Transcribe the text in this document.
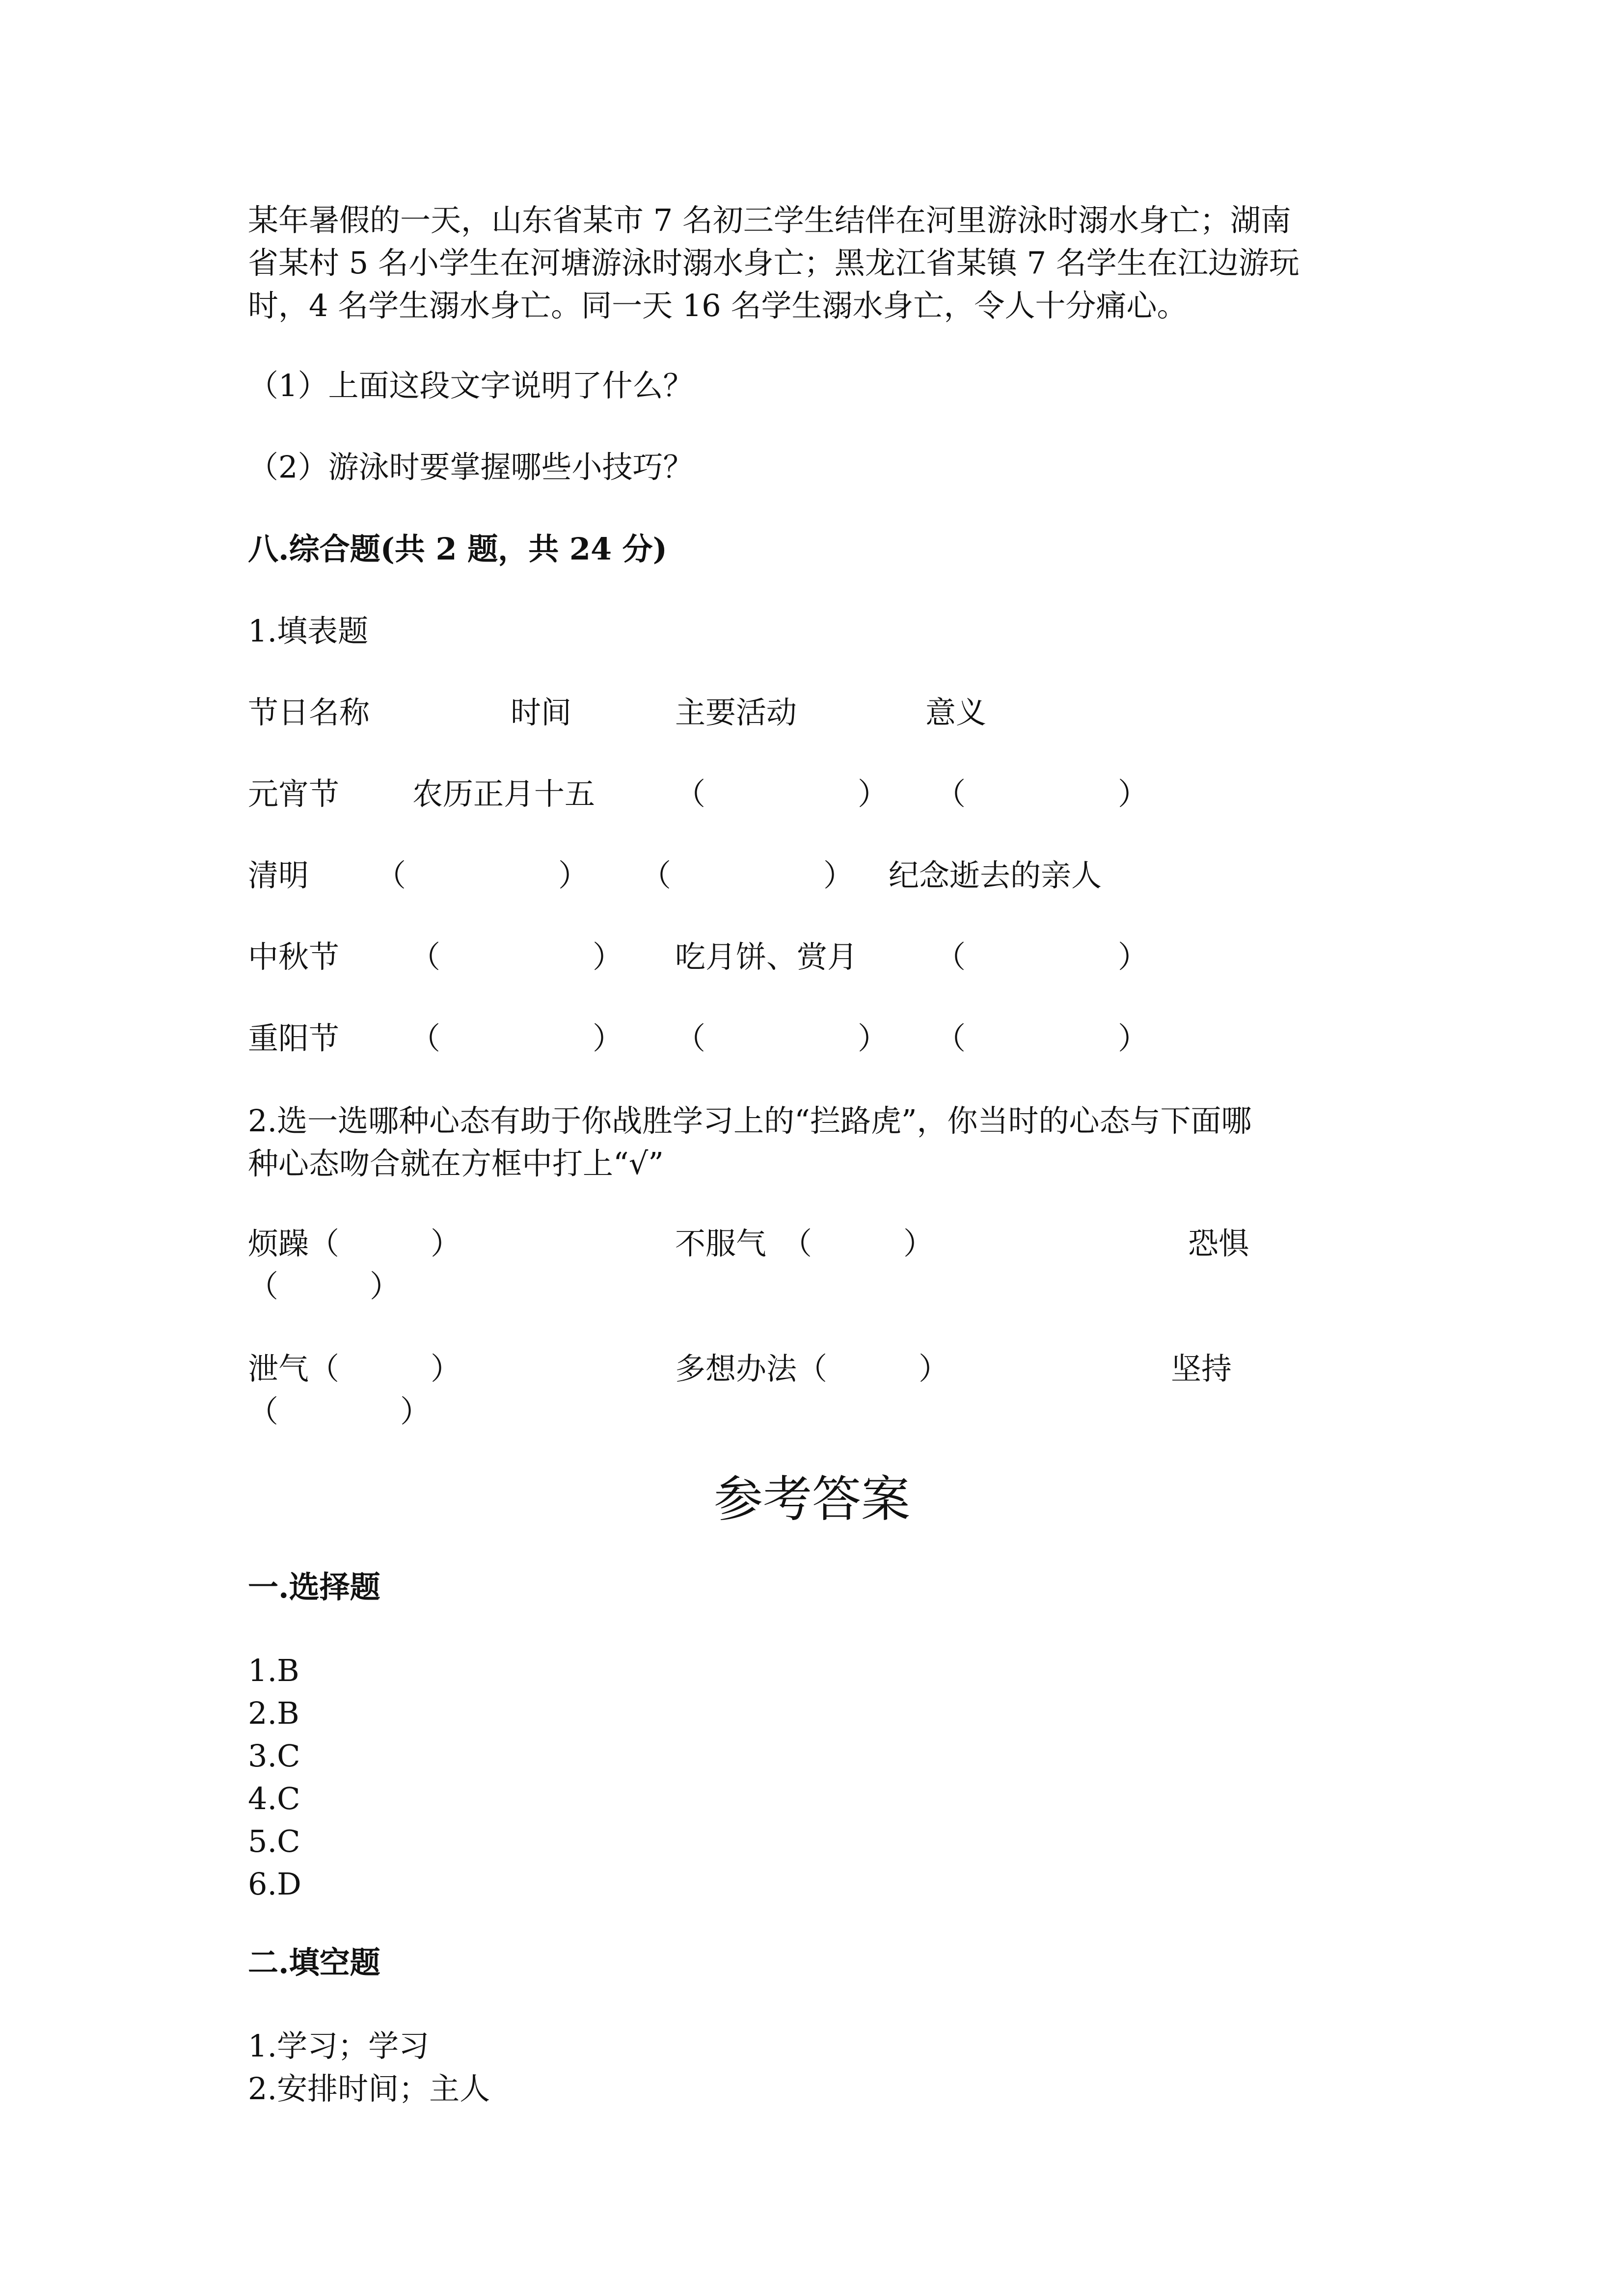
某年暑假的一天，山东省某市 7 名初三学生结伴在河里游泳时溺水身亡；湖南
省某村 5 名小学生在河塘游泳时溺水身亡；黑龙江省某镇 7 名学生在江边游玩
时，4 名学生溺水身亡。同一天 16 名学生溺水身亡，令人十分痛心。
（1）上面这段文字说明了什么？
（2）游泳时要掌握哪些小技巧？
八.综合题(共 2 题，共 24 分)
1.填表题
节日名称	时间	主要活动	意义
元宵节 农历正月十五	（　　　　　） （　　　　　）
清明 （　　　　　） （　　　　　） 纪念逝去的亲人
中秋节 （　　　　　） 吃月饼、赏月	（　　　　　）
重阳节 （　　　　　） （　　　　　） （　　　　　）
2.选一选哪种心态有助于你战胜学习上的“拦路虎”，你当时的心态与下面哪
种心态吻合就在方框中打上“√”
烦躁（　　　）	不服气　（　　　）	恐惧
（　　　）
泄气（　　　）	多想办法（　　　）	坚持
（　　　　）
参考答案
一.选择题
1.B
2.B
3.C
4.C
5.C
6.D
二.填空题
1.学习；学习
2.安排时间；主人
